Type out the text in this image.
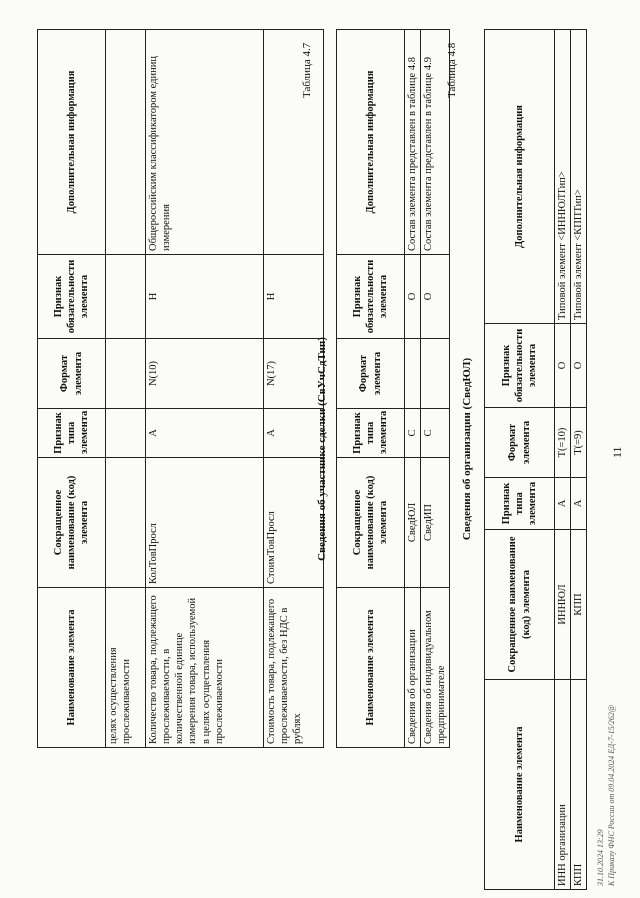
11
Наименование элемента	Сокращенное наименование (код) элемента	Признак типа элемента	Формат элемента	Признак обязательности элемента	Дополнительная информация
целях осуществления прослеживаемости					
Количество товара, подлежащего прослеживаемости, в количественной единице измерения товара, используемой в целях осуществления прослеживаемости	КолТовПросл	А	N(10)	Н	Общероссийским классификатором единиц измерения
Стоимость товара, подлежащего прослеживаемости, без НДС в рублях	СтоимТовПросл	А	N(17)	Н	
Таблица 4.7
Сведения об участнике сделки (СвУчСдТип)
Наименование элемента	Сокращенное наименование (код) элемента	Признак типа элемента	Формат элемента	Признак обязательности элемента	Дополнительная информация
Сведения об организации	СведЮЛ	С		О	Состав элемента представлен в таблице 4.8
Сведения об индивидуальном предпринимателе	СведИП	С		О	Состав элемента представлен в таблице 4.9 Таблица 4.8
Сведения об организации (СведЮЛ)
Наименование элемента	Сокращенное наименование (код) элемента	Признак типа элемента	Формат элемента	Признак обязательности элемента	Дополнительная информация
ИНН организации	ИННЮЛ	А	T(=10)	О	Типовой элемент <ИННЮЛТип>
КПП	КПП	А	T(=9)	О	Типовой элемент <КППТип>
31.10.2024 13:29 К Приказу ФНС России от 09.04.2024 ЕД-7-15/262@
